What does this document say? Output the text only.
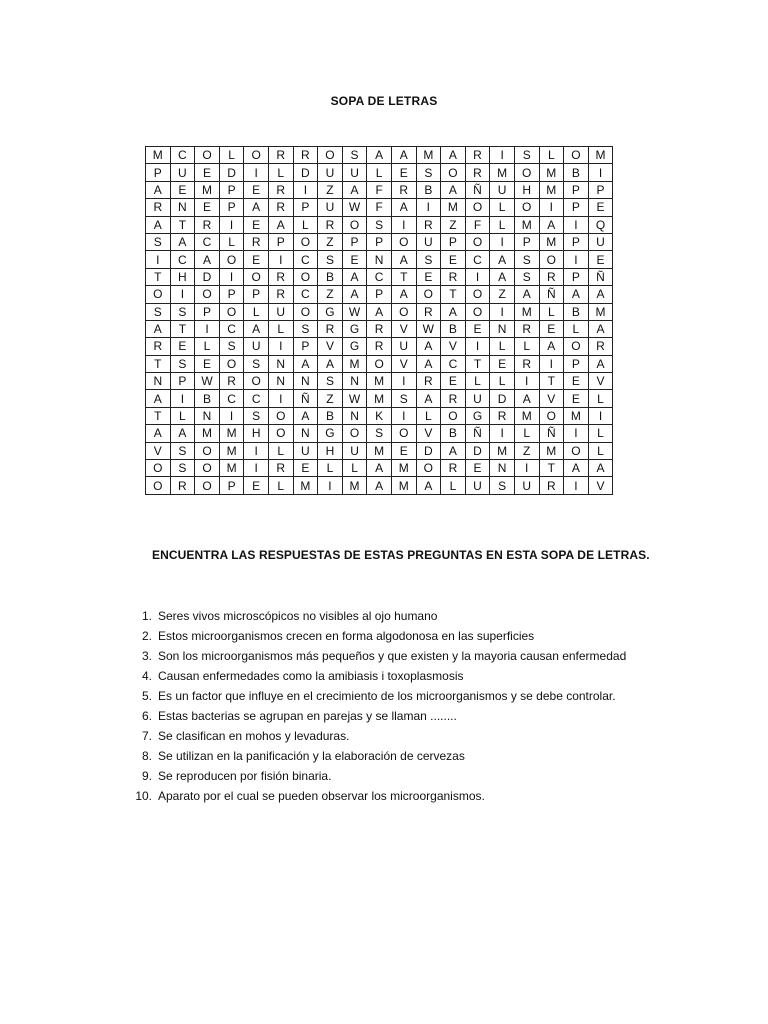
SOPA DE LETRAS
M	C	O	L	O	R	R	O	S	A	A	M	A	R	I	S	L	O	M
P	U	E	D	I	L	D	U	U	L	E	S	O	R	M	O	M	B	I
A	E	M	P	E	R	I	Z	A	F	R	B	A	Ñ	U	H	M	P	P
R	N	E	P	A	R	P	U	W	F	A	I	M	O	L	O	I	P	E
A	T	R	I	E	A	L	R	O	S	I	R	Z	F	L	M	A	I	Q
S	A	C	L	R	P	O	Z	P	P	O	U	P	O	I	P	M	P	U
I	C	A	O	E	I	C	S	E	N	A	S	E	C	A	S	O	I	E
T	H	D	I	O	R	O	B	A	C	T	E	R	I	A	S	R	P	Ñ
O	I	O	P	P	R	C	Z	A	P	A	O	T	O	Z	A	Ñ	A	A
S	S	P	O	L	U	O	G	W	A	O	R	A	O	I	M	L	B	M
A	T	I	C	A	L	S	R	G	R	V	W	B	E	N	R	E	L	A
R	E	L	S	U	I	P	V	G	R	U	A	V	I	L	L	A	O	R
T	S	E	O	S	N	A	A	M	O	V	A	C	T	E	R	I	P	A
N	P	W	R	O	N	N	S	N	M	I	R	E	L	L	I	T	E	V
A	I	B	C	C	I	Ñ	Z	W	M	S	A	R	U	D	A	V	E	L
T	L	N	I	S	O	A	B	N	K	I	L	O	G	R	M	O	M	I
A	A	M	M	H	O	N	G	O	S	O	V	B	Ñ	I	L	Ñ	I	L
V	S	O	M	I	L	U	H	U	M	E	D	A	D	M	Z	M	O	L
O	S	O	M	I	R	E	L	L	A	M	O	R	E	N	I	T	A	A
O	R	O	P	E	L	M	I	M	A	M	A	L	U	S	U	R	I	V
ENCUENTRA LAS RESPUESTAS DE ESTAS PREGUNTAS EN ESTA SOPA DE LETRAS.
1. Seres vivos microscópicos no visibles al ojo humano
2. Estos microorganismos crecen en forma algodonosa en las superficies
3. Son los microorganismos más pequeños y que existen y la mayoria causan enfermedad
4. Causan enfermedades como la amibiasis i toxoplasmosis
5. Es un factor que influye en el crecimiento de los microorganismos y se debe controlar.
6. Estas bacterias se agrupan en parejas y se llaman ........
7. Se clasifican en mohos y levaduras.
8. Se utilizan en la panificación y la elaboración de cervezas
9. Se reproducen por fisión binaria.
10. Aparato por el cual se pueden observar los microorganismos.
